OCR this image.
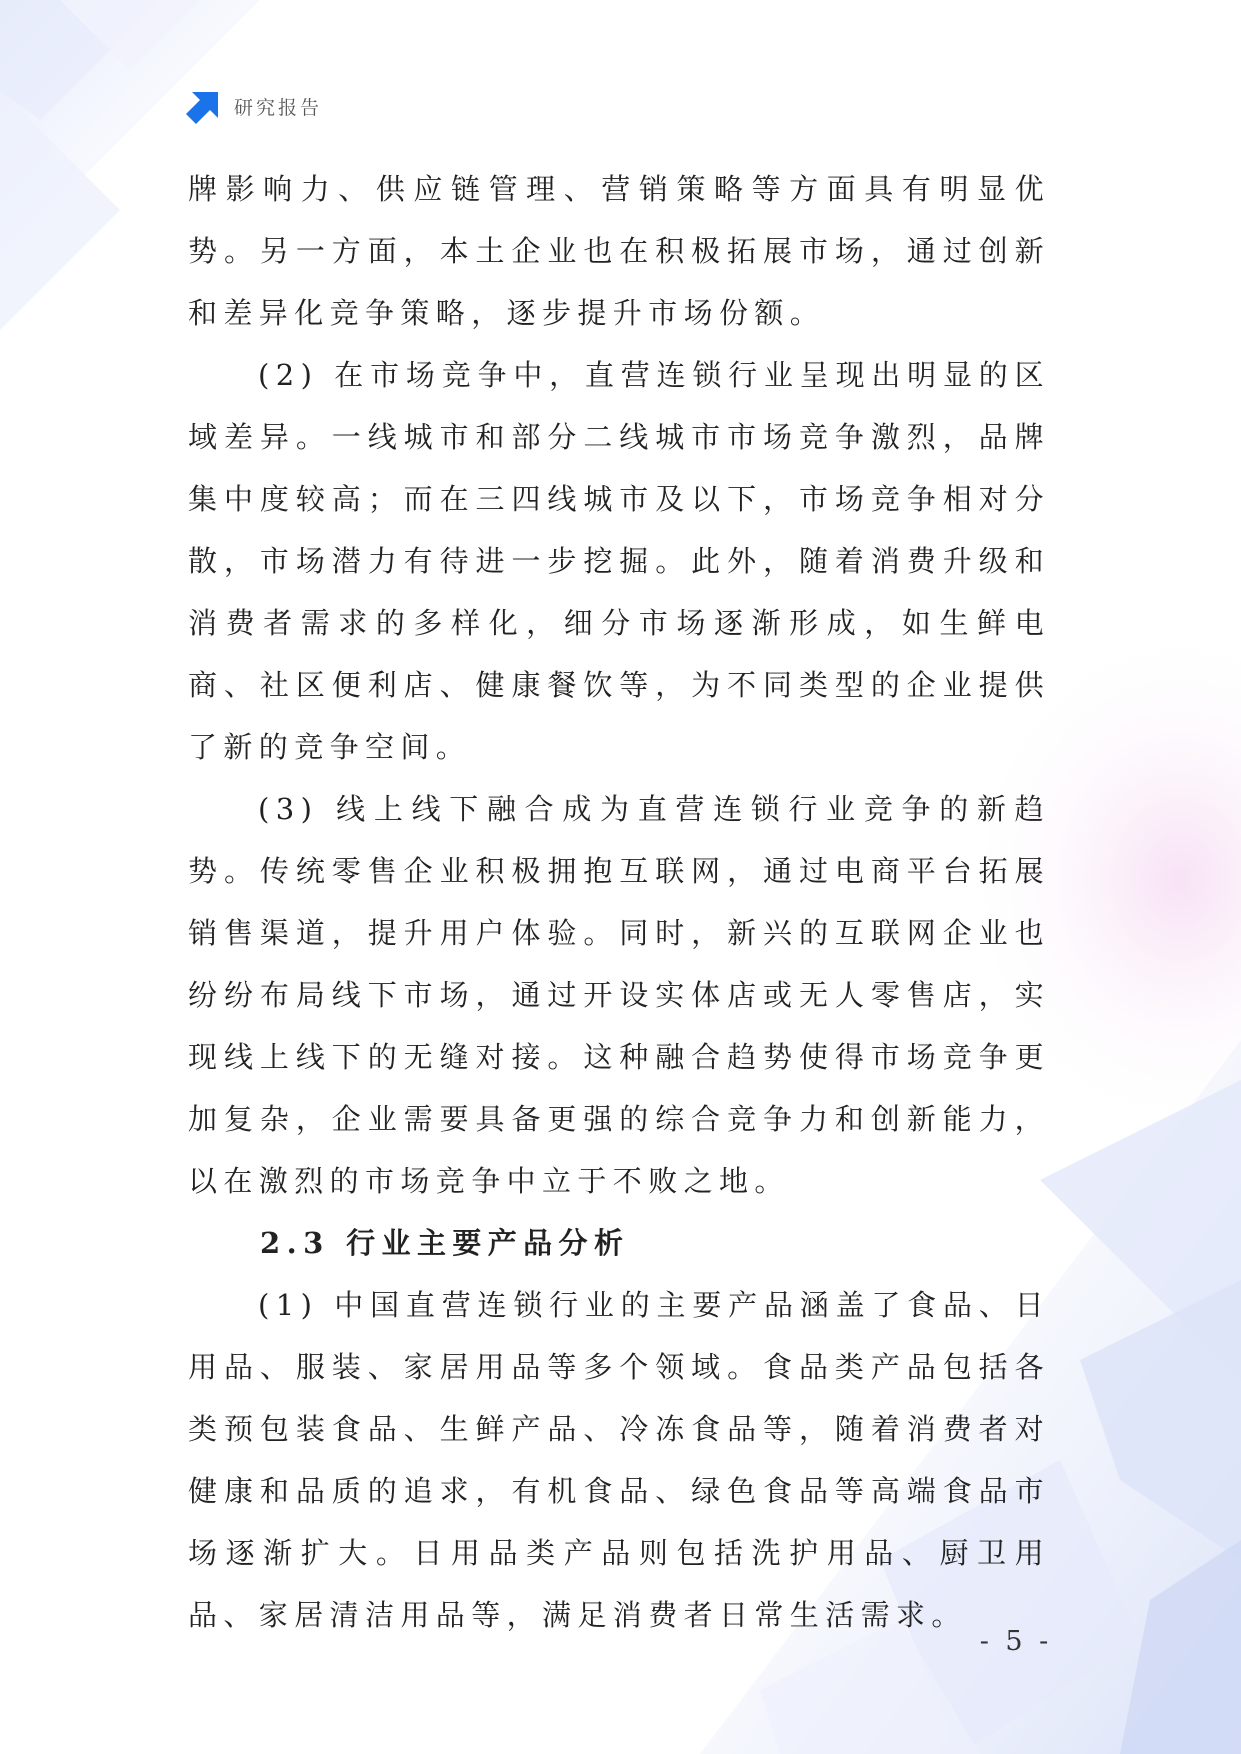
研究报告

牌影响力、供应链管理、营销策略等方面具有明显优势。另一方面，本土企业也在积极拓展市场，通过创新和差异化竞争策略，逐步提升市场份额。

(2) 在市场竞争中，直营连锁行业呈现出明显的区域差异。一线城市和部分二线城市市场竞争激烈，品牌集中度较高；而在三四线城市及以下，市场竞争相对分散，市场潜力有待进一步挖掘。此外，随着消费升级和消费者需求的多样化，细分市场逐渐形成，如生鲜电商、社区便利店、健康餐饮等，为不同类型的企业提供了新的竞争空间。

(3) 线上线下融合成为直营连锁行业竞争的新趋势。传统零售企业积极拥抱互联网，通过电商平台拓展销售渠道，提升用户体验。同时，新兴的互联网企业也纷纷布局线下市场，通过开设实体店或无人零售店，实现线上线下的无缝对接。这种融合趋势使得市场竞争更加复杂，企业需要具备更强的综合竞争力和创新能力，以在激烈的市场竞争中立于不败之地。

2.3 行业主要产品分析

(1) 中国直营连锁行业的主要产品涵盖了食品、日用品、服装、家居用品等多个领域。食品类产品包括各类预包装食品、生鲜产品、冷冻食品等，随着消费者对健康和品质的追求，有机食品、绿色食品等高端食品市场逐渐扩大。日用品类产品则包括洗护用品、厨卫用品、家居清洁用品等，满足消费者日常生活需求。

- 5 -
